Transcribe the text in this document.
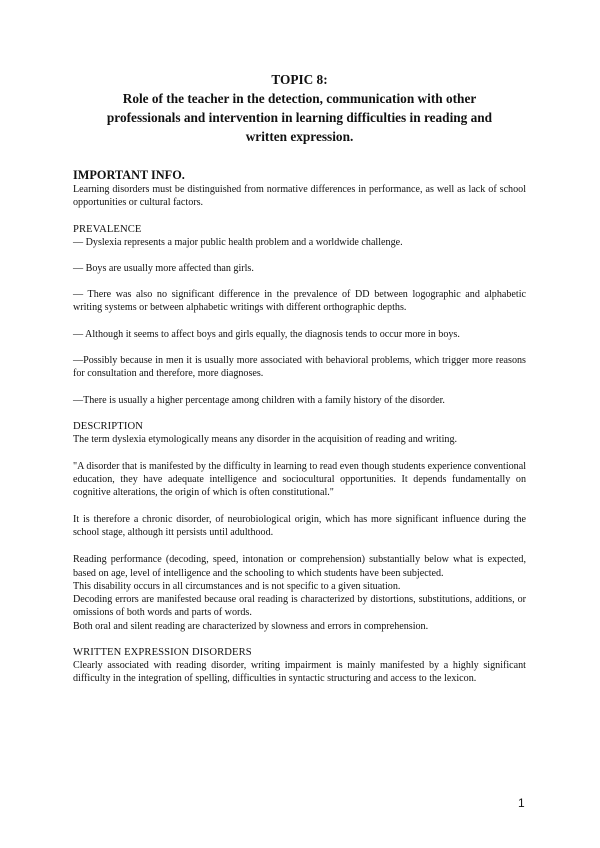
TOPIC 8:
Role of the teacher in the detection, communication with other
professionals and intervention in learning difficulties in reading and
written expression.
IMPORTANT INFO.

Learning disorders must be distinguished from normative differences in performance, as well as lack of school opportunities or cultural factors.

PREVALENCE

— Dyslexia represents a major public health problem and a worldwide challenge.

— Boys are usually more affected than girls.

— There was also no significant difference in the prevalence of DD between logographic and alphabetic writing systems or between alphabetic writings with different orthographic depths.

— Although it seems to affect boys and girls equally, the diagnosis tends to occur more in boys.

—Possibly because in men it is usually more associated with behavioral problems, which trigger more reasons for consultation and therefore, more diagnoses.

—There is usually a higher percentage among children with a family history of the disorder.

DESCRIPTION

The term dyslexia etymologically means any disorder in the acquisition of reading and writing.

"A disorder that is manifested by the difficulty in learning to read even though students experience conventional education, they have adequate intelligence and sociocultural opportunities. It depends fundamentally on cognitive alterations, the origin of which is often constitutional."

It is therefore a chronic disorder, of neurobiological origin, which has more significant influence during the school stage, although itt persists until adulthood.

Reading performance (decoding, speed, intonation or comprehension) substantially below what is expected, based on age, level of intelligence and the schooling to which students have been subjected.

This disability occurs in all circumstances and is not specific to a given situation.

Decoding errors are manifested because oral reading is characterized by distortions, substitutions, additions, or omissions of both words and parts of words.

Both oral and silent reading are characterized by slowness and errors in comprehension.

WRITTEN EXPRESSION DISORDERS

Clearly associated with reading disorder, writing impairment is mainly manifested by a highly significant difficulty in the integration of spelling, difficulties in syntactic structuring and access to the lexicon.

1
